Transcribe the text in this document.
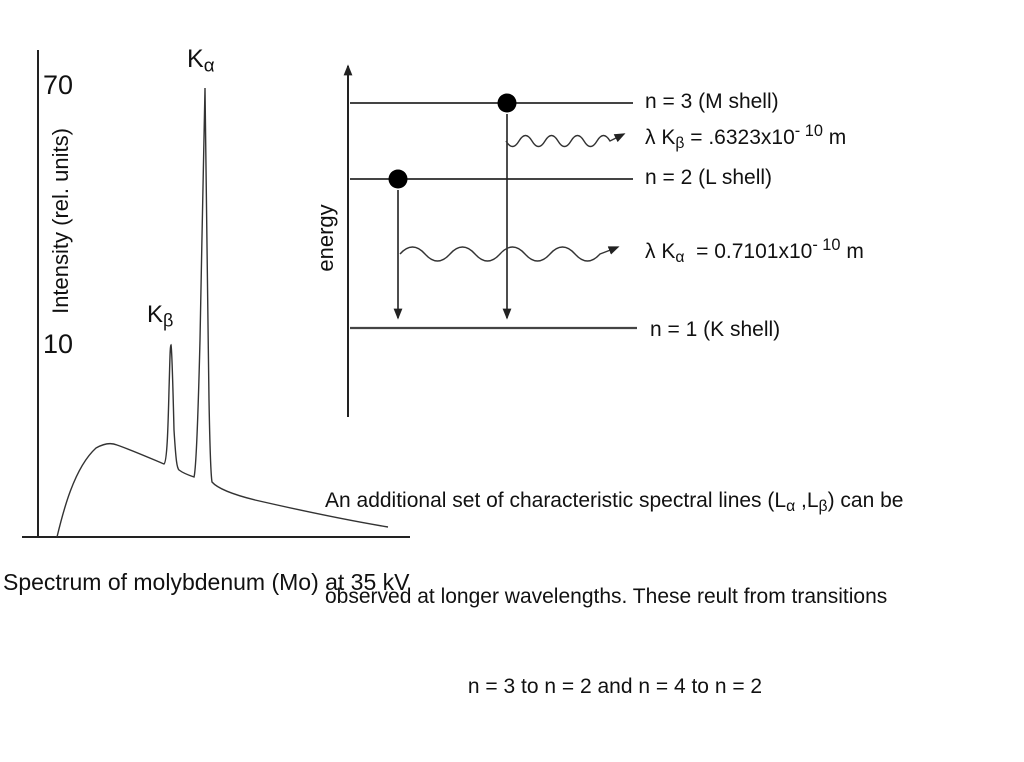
70
10
Intensity (rel. units)
$K_\alpha$
$K_\beta$
Spectrum of molybdenum (Mo) at 35 kV
energy
n = 3 (M shell)
λ $K_\beta = .6323x10^{- 10}$ m
n = 2 (L shell)
λ $K_\alpha = 0.7101x10^{- 10}$ m
n = 1 (K shell)

An additional set of characteristic spectral lines ($L_\alpha$ $,L_\beta$) can be

observed at longer wavelengths. These reult from transitions

n = 3 to n = 2 and n = 4 to n = 2
